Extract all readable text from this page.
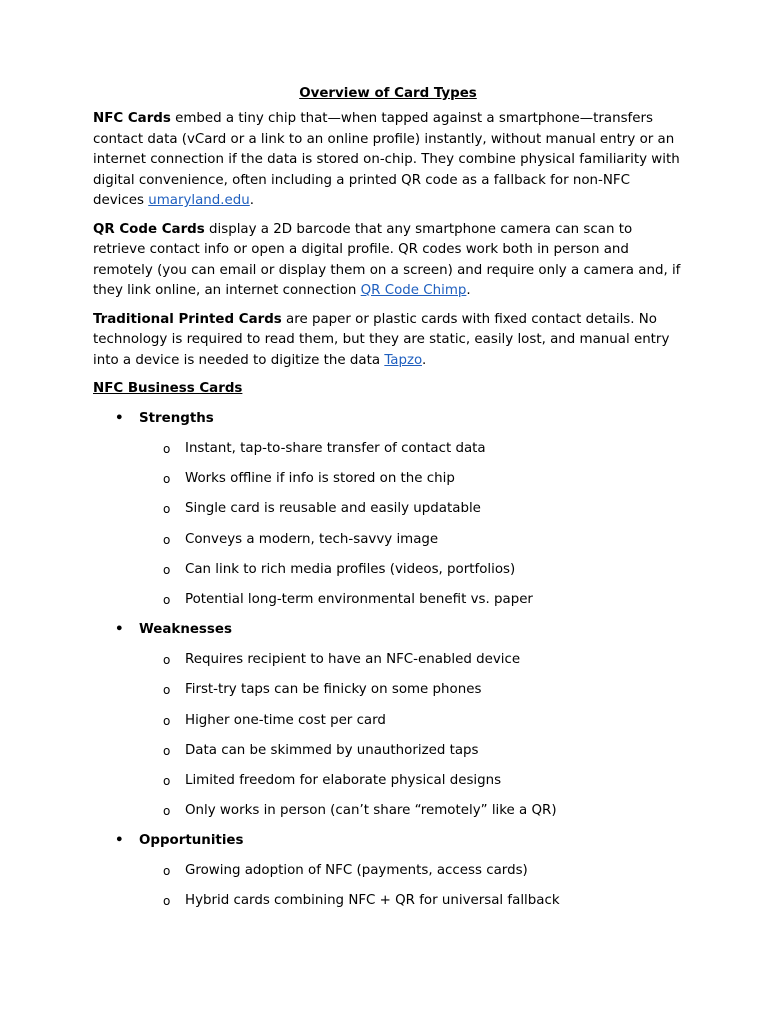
Overview of Card Types

NFC Cards embed a tiny chip that—when tapped against a smartphone—transfers contact data (vCard or a link to an online profile) instantly, without manual entry or an internet connection if the data is stored on-chip. They combine physical familiarity with digital convenience, often including a printed QR code as a fallback for non-NFC devices umaryland.edu.

QR Code Cards display a 2D barcode that any smartphone camera can scan to retrieve contact info or open a digital profile. QR codes work both in person and remotely (you can email or display them on a screen) and require only a camera and, if they link online, an internet connection QR Code Chimp.

Traditional Printed Cards are paper or plastic cards with fixed contact details. No technology is required to read them, but they are static, easily lost, and manual entry into a device is needed to digitize the data Tapzo.

NFC Business Cards
• Strengths
o Instant, tap-to-share transfer of contact data
o Works offline if info is stored on the chip
o Single card is reusable and easily updatable
o Conveys a modern, tech-savvy image
o Can link to rich media profiles (videos, portfolios)
o Potential long-term environmental benefit vs. paper
• Weaknesses
o Requires recipient to have an NFC-enabled device
o First-try taps can be finicky on some phones
o Higher one-time cost per card
o Data can be skimmed by unauthorized taps
o Limited freedom for elaborate physical designs
o Only works in person (can’t share “remotely” like a QR)
• Opportunities
o Growing adoption of NFC (payments, access cards)
o Hybrid cards combining NFC + QR for universal fallback
